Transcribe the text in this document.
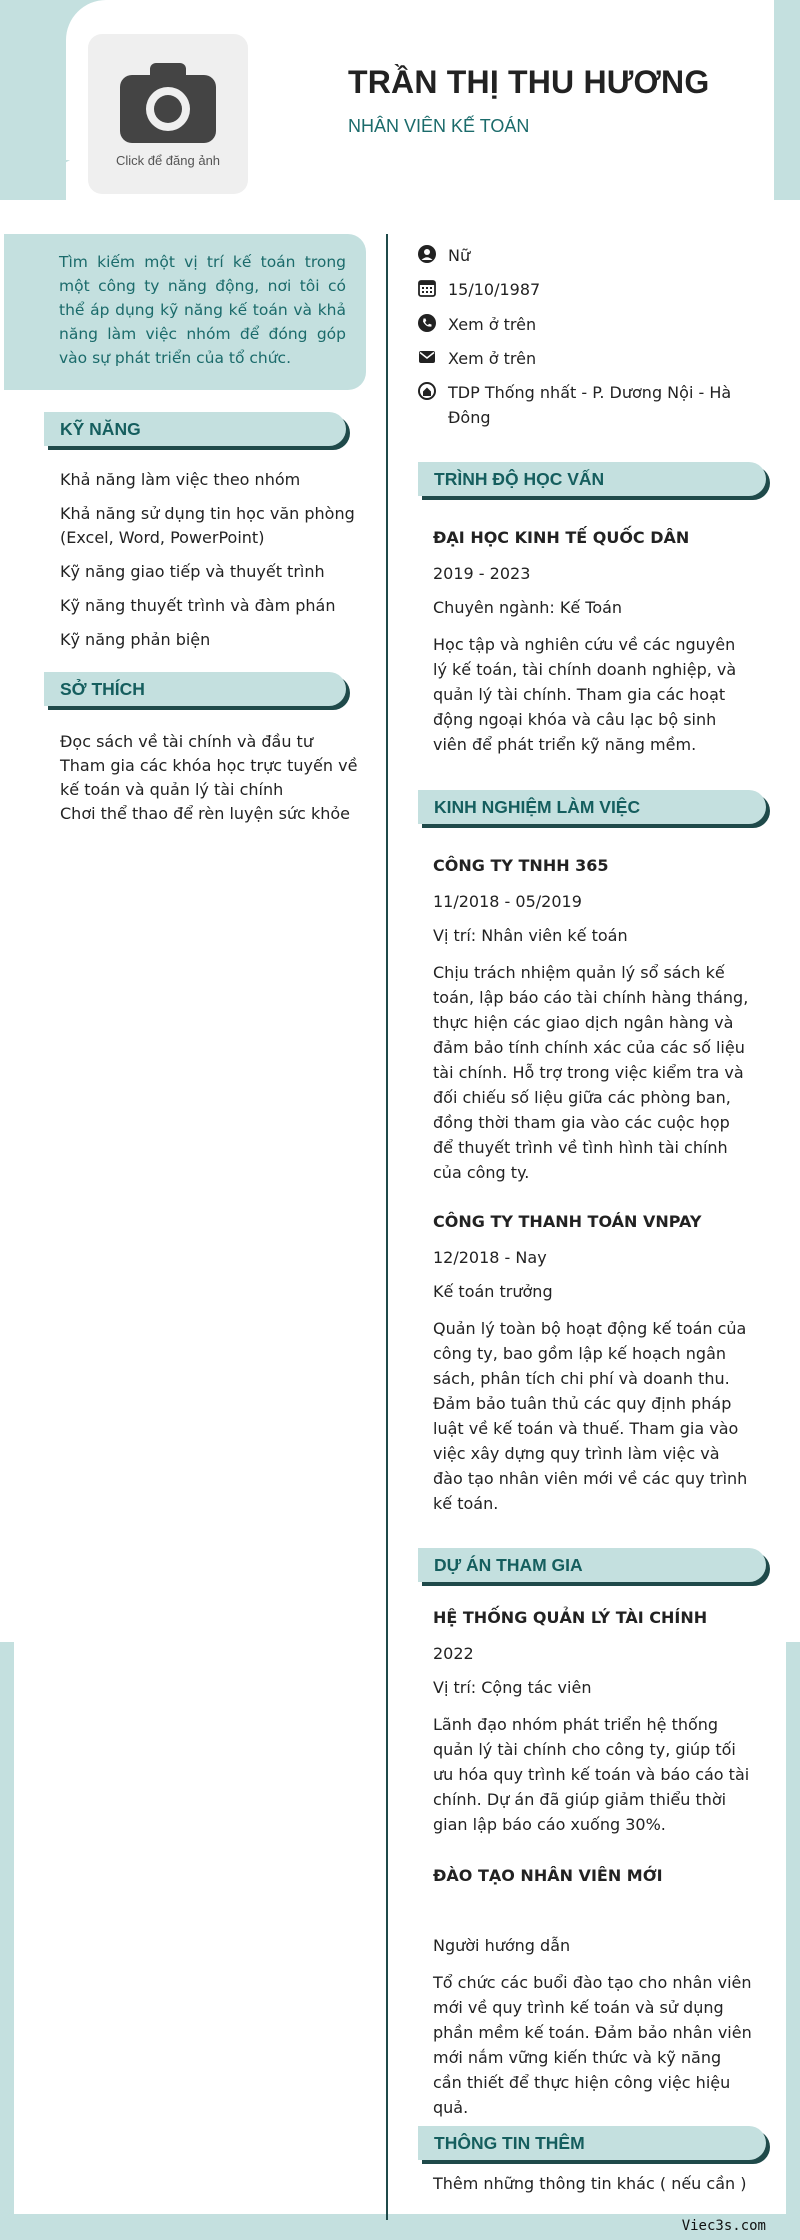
Click để đăng ảnh
TRẦN THỊ THU HƯƠNG
NHÂN VIÊN KẾ TOÁN
Tìm kiếm một vị trí kế toán trong một công ty năng động, nơi tôi có thể áp dụng kỹ năng kế toán và khả năng làm việc nhóm để đóng góp vào sự phát triển của tổ chức.
KỸ NĂNG
Khả năng làm việc theo nhóm
Khả năng sử dụng tin học văn phòng (Excel, Word, PowerPoint)
Kỹ năng giao tiếp và thuyết trình
Kỹ năng thuyết trình và đàm phán
Kỹ năng phản biện
SỞ THÍCH
Đọc sách về tài chính và đầu tư
Tham gia các khóa học trực tuyến về kế toán và quản lý tài chính
Chơi thể thao để rèn luyện sức khỏe
Nữ
15/10/1987
Xem ở trên
Xem ở trên
TDP Thống nhất - P. Dương Nội - Hà Đông
TRÌNH ĐỘ HỌC VẤN
ĐẠI HỌC KINH TẾ QUỐC DÂN
2019 - 2023
Chuyên ngành: Kế Toán
Học tập và nghiên cứu về các nguyên lý kế toán, tài chính doanh nghiệp, và quản lý tài chính. Tham gia các hoạt động ngoại khóa và câu lạc bộ sinh viên để phát triển kỹ năng mềm.
KINH NGHIỆM LÀM VIỆC
CÔNG TY TNHH 365
11/2018 - 05/2019
Vị trí: Nhân viên kế toán
Chịu trách nhiệm quản lý sổ sách kế toán, lập báo cáo tài chính hàng tháng, thực hiện các giao dịch ngân hàng và đảm bảo tính chính xác của các số liệu tài chính. Hỗ trợ trong việc kiểm tra và đối chiếu số liệu giữa các phòng ban, đồng thời tham gia vào các cuộc họp để thuyết trình về tình hình tài chính của công ty.
CÔNG TY THANH TOÁN VNPAY
12/2018 - Nay
Kế toán trưởng
Quản lý toàn bộ hoạt động kế toán của công ty, bao gồm lập kế hoạch ngân sách, phân tích chi phí và doanh thu. Đảm bảo tuân thủ các quy định pháp luật về kế toán và thuế. Tham gia vào việc xây dựng quy trình làm việc và đào tạo nhân viên mới về các quy trình kế toán.
DỰ ÁN THAM GIA
HỆ THỐNG QUẢN LÝ TÀI CHÍNH
2022
Vị trí: Cộng tác viên
Lãnh đạo nhóm phát triển hệ thống quản lý tài chính cho công ty, giúp tối ưu hóa quy trình kế toán và báo cáo tài chính. Dự án đã giúp giảm thiểu thời gian lập báo cáo xuống 30%.
ĐÀO TẠO NHÂN VIÊN MỚI
Người hướng dẫn
Tổ chức các buổi đào tạo cho nhân viên mới về quy trình kế toán và sử dụng phần mềm kế toán. Đảm bảo nhân viên mới nắm vững kiến thức và kỹ năng cần thiết để thực hiện công việc hiệu quả.
THÔNG TIN THÊM
Thêm những thông tin khác ( nếu cần )
Viec3s.com
